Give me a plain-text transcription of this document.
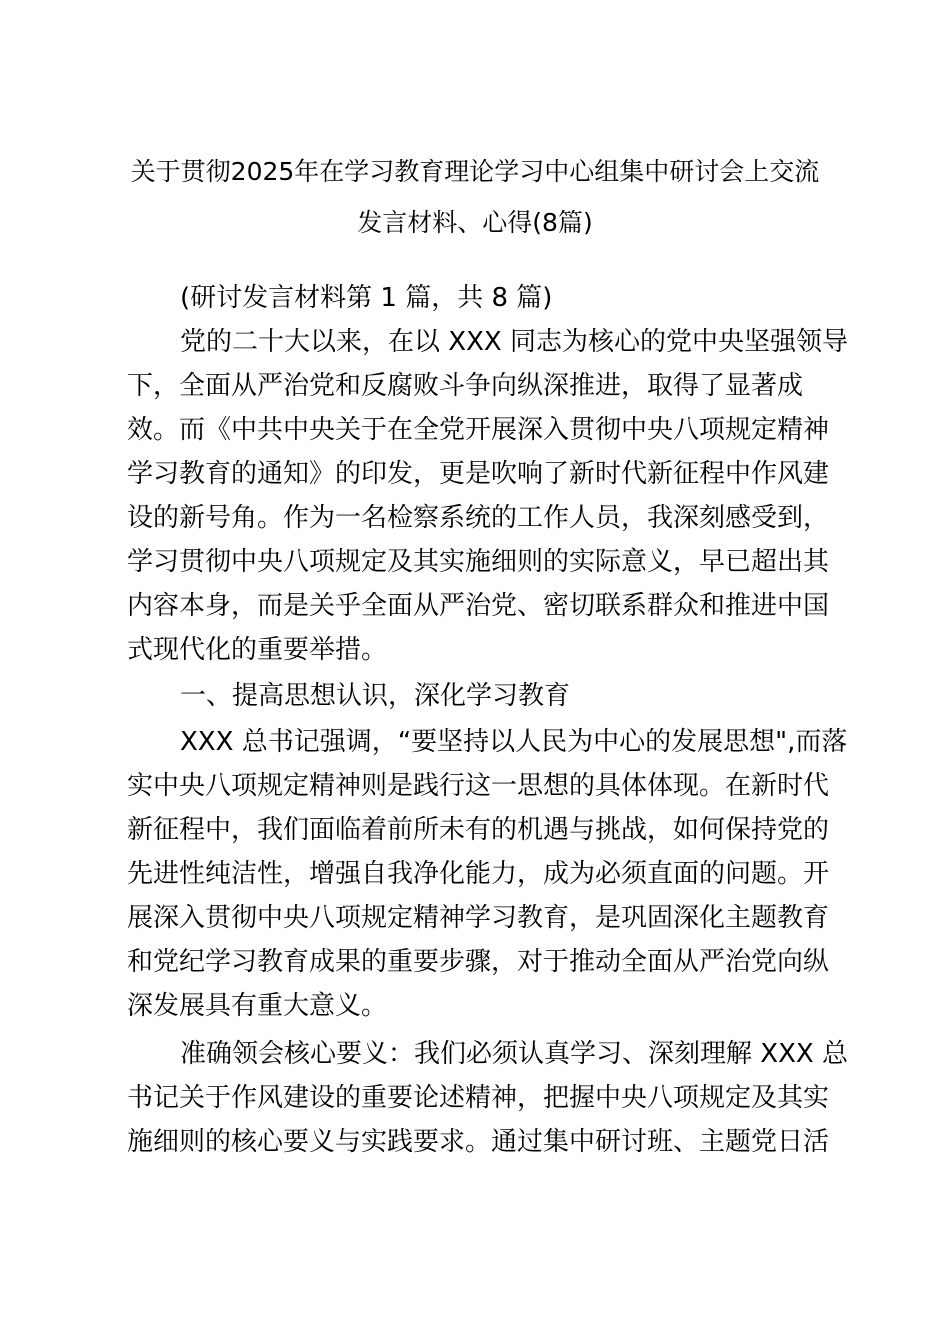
关于贯彻2025年在学习教育理论学习中心组集中研讨会上交流
发言材料、心得(8篇)
(研讨发言材料第 1 篇，共 8 篇)
党的二十大以来，在以 XXX 同志为核心的党中央坚强领导
下，全面从严治党和反腐败斗争向纵深推进，取得了显著成
效。而《中共中央关于在全党开展深入贯彻中央八项规定精神
学习教育的通知》的印发，更是吹响了新时代新征程中作风建
设的新号角。作为一名检察系统的工作人员，我深刻感受到，
学习贯彻中央八项规定及其实施细则的实际意义，早已超出其
内容本身，而是关乎全面从严治党、密切联系群众和推进中国
式现代化的重要举措。
一、提高思想认识，深化学习教育
XXX 总书记强调，“要坚持以人民为中心的发展思想",而落
实中央八项规定精神则是践行这一思想的具体体现。在新时代
新征程中，我们面临着前所未有的机遇与挑战，如何保持党的
先进性纯洁性，增强自我净化能力，成为必须直面的问题。开
展深入贯彻中央八项规定精神学习教育，是巩固深化主题教育
和党纪学习教育成果的重要步骤，对于推动全面从严治党向纵
深发展具有重大意义。
准确领会核心要义：我们必须认真学习、深刻理解 XXX 总
书记关于作风建设的重要论述精神，把握中央八项规定及其实
施细则的核心要义与实践要求。通过集中研讨班、主题党日活
